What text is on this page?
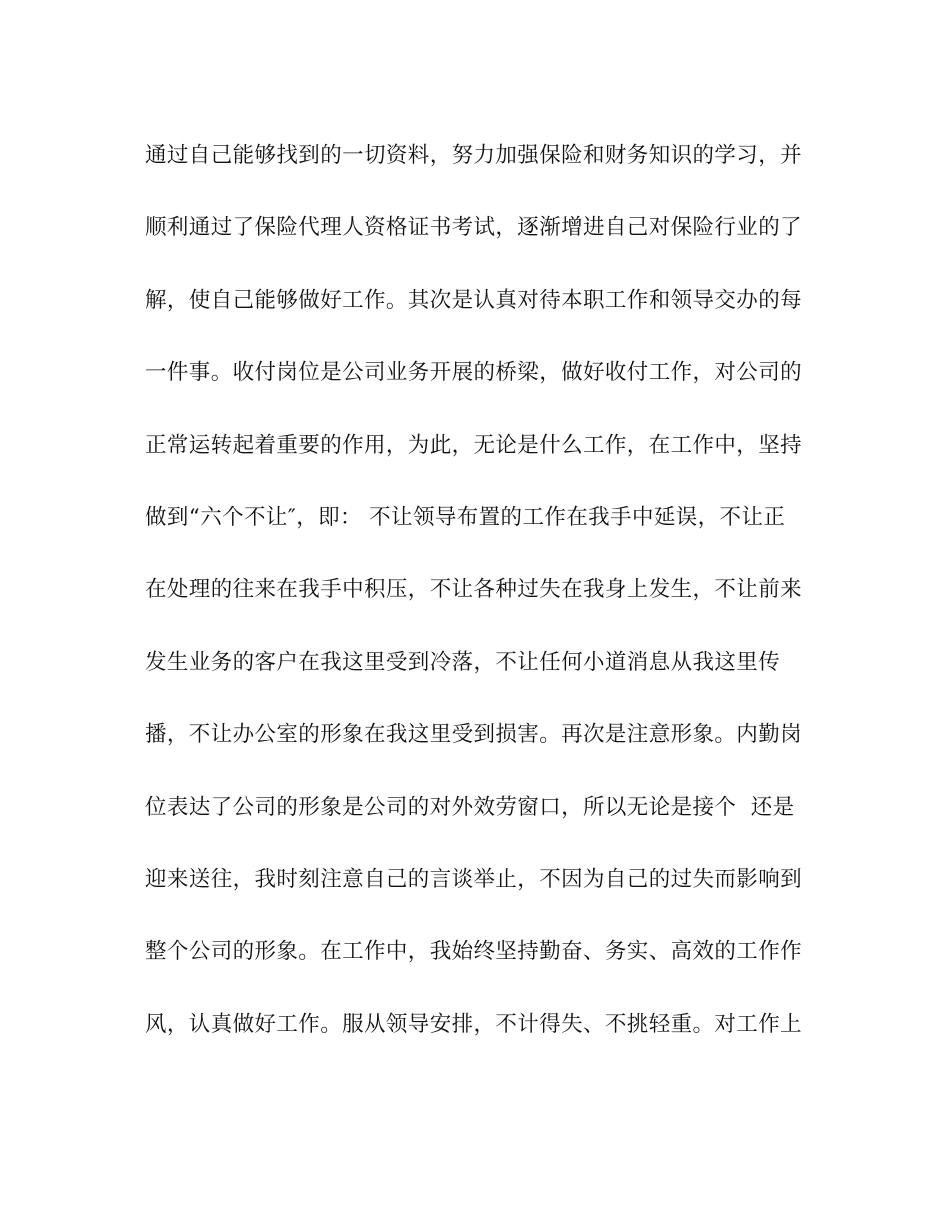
通过自己能够找到的一切资料，努力加强保险和财务知识的学习，并
顺利通过了保险代理人资格证书考试，逐渐增进自己对保险行业的了
解，使自己能够做好工作。其次是认真对待本职工作和领导交办的每
一件事。收付岗位是公司业务开展的桥梁，做好收付工作，对公司的
正常运转起着重要的作用，为此，无论是什么工作，在工作中，坚持
做到“六个不让″，即： 不让领导布置的工作在我手中延误，不让正
在处理的往来在我手中积压，不让各种过失在我身上发生，不让前来
发生业务的客户在我这里受到冷落，不让任何小道消息从我这里传
播，不让办公室的形象在我这里受到损害。再次是注意形象。内勤岗
位表达了公司的形象是公司的对外效劳窗口，所以无论是接个  还是
迎来送往，我时刻注意自己的言谈举止，不因为自己的过失而影响到
整个公司的形象。在工作中，我始终坚持勤奋、务实、高效的工作作
风，认真做好工作。服从领导安排，不计得失、不挑轻重。对工作上
